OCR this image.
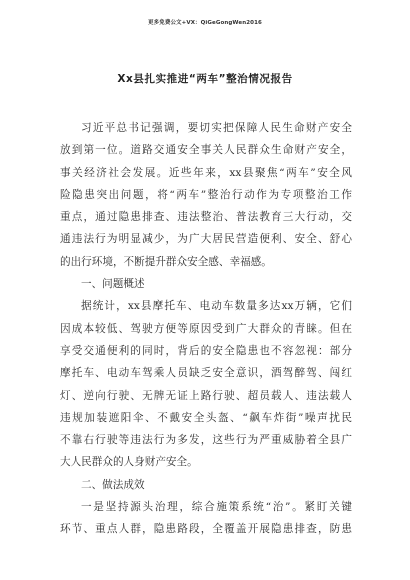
更多免费公文+VX：QiGeGongWen2016
Xx县扎实推进“两车”整治情况报告
习近平总书记强调，要切实把保障人民生命财产安全
放到第一位。道路交通安全事关人民群众生命财产安全，
事关经济社会发展。近些年来，xx县聚焦“两车”安全风
险隐患突出问题，将“两车”整治行动作为专项整治工作
重点，通过隐患排查、违法整治、普法教育三大行动，交
通违法行为明显减少，为广大居民营造便利、安全、舒心
的出行环境，不断提升群众安全感、幸福感。
一、问题概述
据统计，xx县摩托车、电动车数量多达xx万辆，它们
因成本较低、驾驶方便等原因受到广大群众的青睐。但在
享受交通便利的同时，背后的安全隐患也不容忽视：部分
摩托车、电动车驾乘人员缺乏安全意识，酒驾醉驾、闯红
灯、逆向行驶、无牌无证上路行驶、超员载人、违法载人
违规加装遮阳伞、不戴安全头盔、“飙车炸街”噪声扰民
不靠右行驶等违法行为多发，这些行为严重威胁着全县广
大人民群众的人身财产安全。
二、做法成效
一是坚持源头治理，综合施策系统“治”。紧盯关键
环节、重点人群，隐患路段，全覆盖开展隐患排查，防患
